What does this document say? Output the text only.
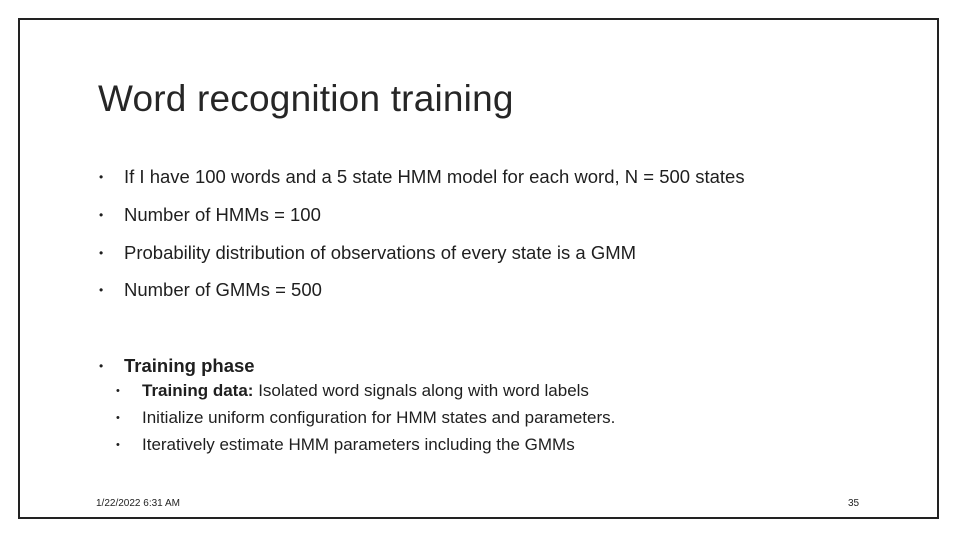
Word recognition training
• If I have 100 words and a 5 state HMM model for each word, N = 500 states
• Number of HMMs = 100
• Probability distribution of observations of every state is a GMM
• Number of GMMs = 500
• Training phase
• Training data: Isolated word signals along with word labels
• Initialize uniform configuration for HMM states and parameters.
• Iteratively estimate HMM parameters including the GMMs
1/22/2022 6:31 AM	35
